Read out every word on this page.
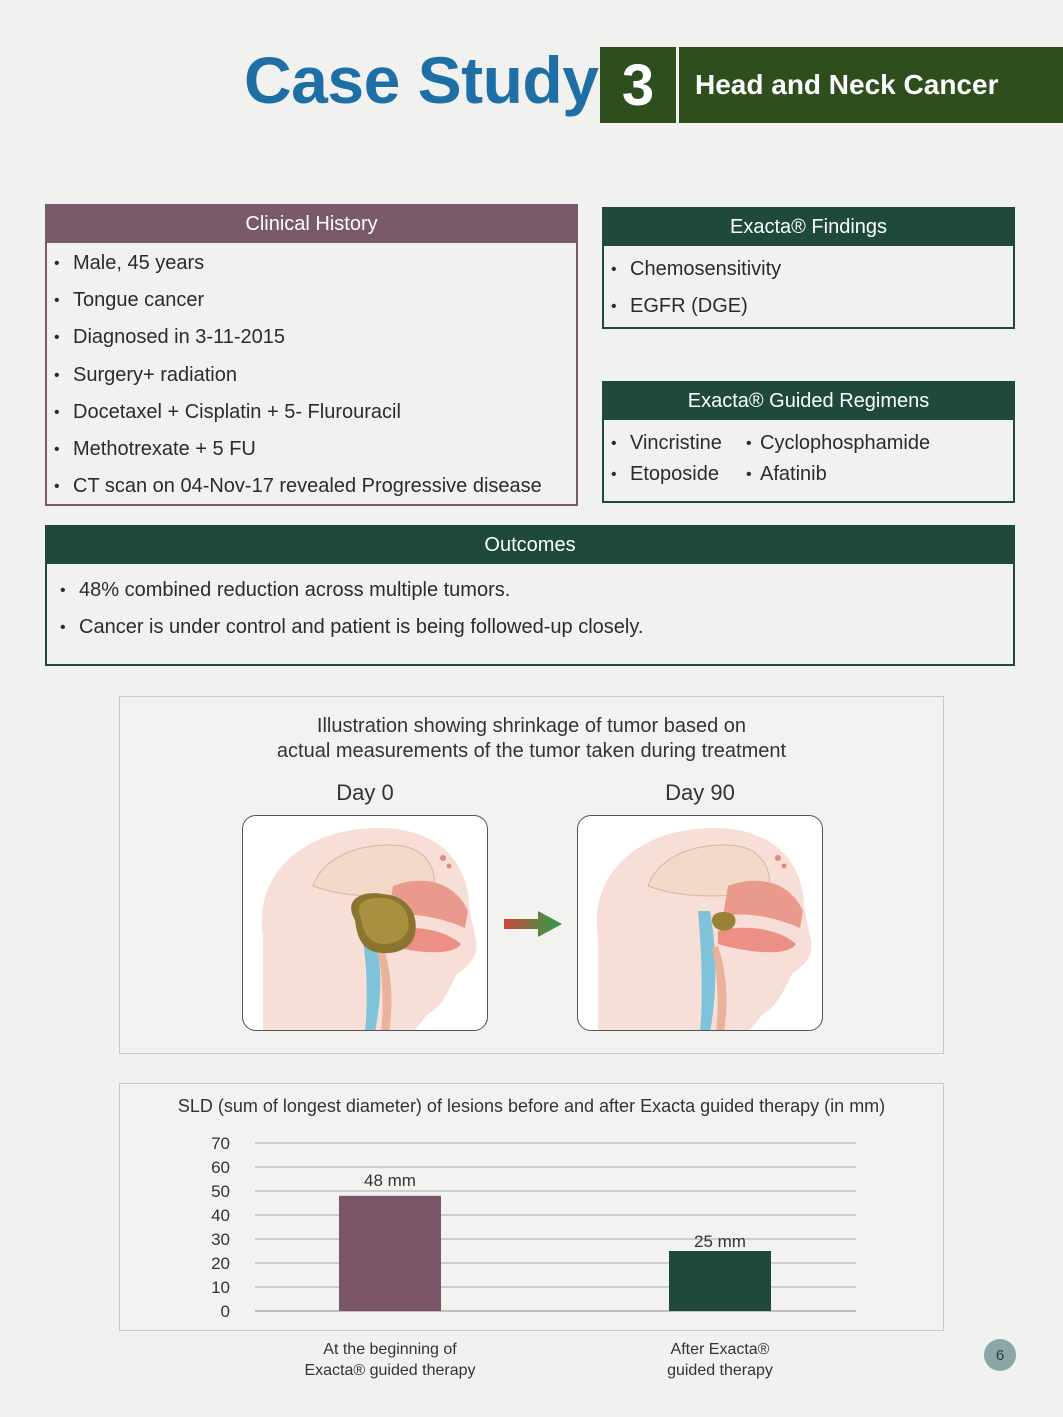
Case Study 3	Head and Neck Cancer
Clinical History
• Male, 45 years
• Tongue cancer
• Diagnosed in 3-11-2015
• Surgery+ radiation
• Docetaxel + Cisplatin + 5- Flurouracil
• Methotrexate + 5 FU
• CT scan on 04-Nov-17 revealed Progressive disease
Exacta® Findings
• Chemosensitivity
• EGFR (DGE)
Exacta® Guided Regimens
• Vincristine
• Etoposide
• Cyclophosphamide
• Afatinib
Outcomes
• 48% combined reduction across multiple tumors.
• Cancer is under control and patient is being followed-up closely.
Illustration showing shrinkage of tumor based on
actual measurements of the tumor taken during treatment
Day 0	Day 90
SLD (sum of longest diameter) of lesions before and after Exacta guided therapy (in mm)
0
10
20
30
40
50
60
70
48 mm
25 mm
At the beginning of
Exacta® guided therapy
After Exacta®
guided therapy
6
